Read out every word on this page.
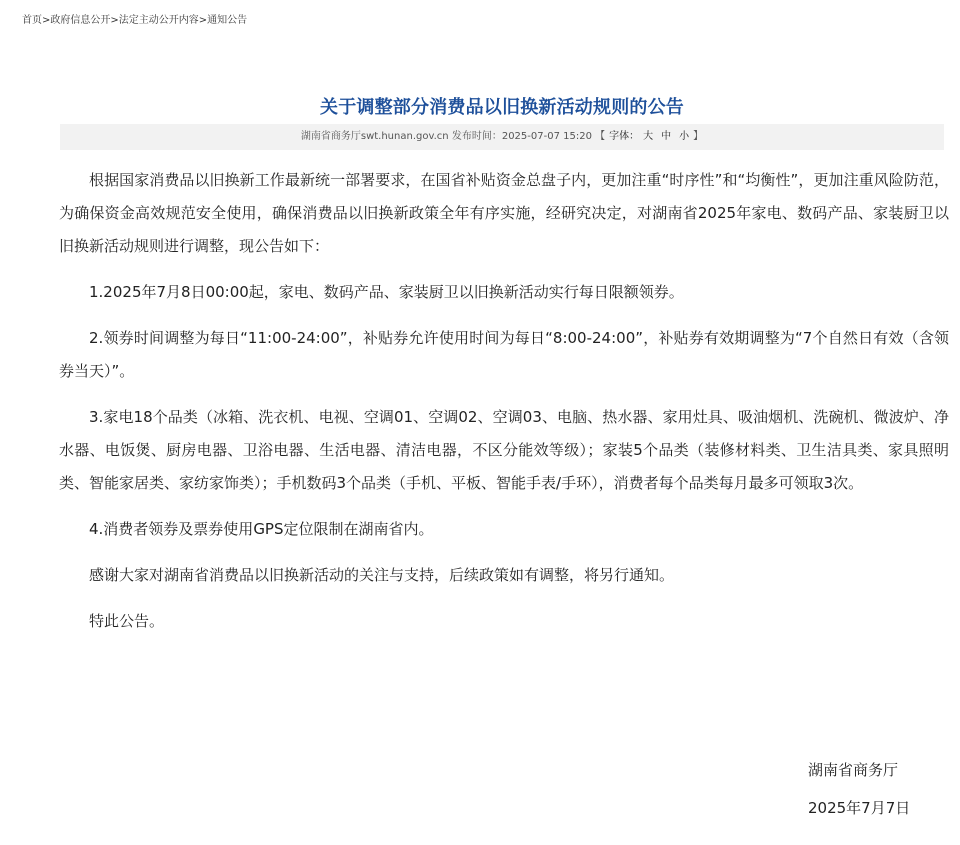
首页>政府信息公开>法定主动公开内容>通知公告
关于调整部分消费品以旧换新活动规则的公告
湖南省商务厅swt.hunan.gov.cn 发布时间：2025-07-07 15:20 【 字体： 大 中 小 】

根据国家消费品以旧换新工作最新统一部署要求，在国省补贴资金总盘子内，更加注重“时序性”和“均衡性”，更加注重风险防范，为确保资金高效规范安全使用，确保消费品以旧换新政策全年有序实施，经研究决定，对湖南省2025年家电、数码产品、家装厨卫以旧换新活动规则进行调整，现公告如下：

1.2025年7月8日00:00起，家电、数码产品、家装厨卫以旧换新活动实行每日限额领券。

2.领券时间调整为每日“11:00-24:00”，补贴券允许使用时间为每日“8:00-24:00”，补贴券有效期调整为“7个自然日有效（含领券当天）”。

3.家电18个品类（冰箱、洗衣机、电视、空调01、空调02、空调03、电脑、热水器、家用灶具、吸油烟机、洗碗机、微波炉、净水器、电饭煲、厨房电器、卫浴电器、生活电器、清洁电器，不区分能效等级）；家装5个品类（装修材料类、卫生洁具类、家具照明类、智能家居类、家纺家饰类）；手机数码3个品类（手机、平板、智能手表/手环），消费者每个品类每月最多可领取3次。

4.消费者领券及票券使用GPS定位限制在湖南省内。

感谢大家对湖南省消费品以旧换新活动的关注与支持，后续政策如有调整，将另行通知。

特此公告。

湖南省商务厅
2025年7月7日
